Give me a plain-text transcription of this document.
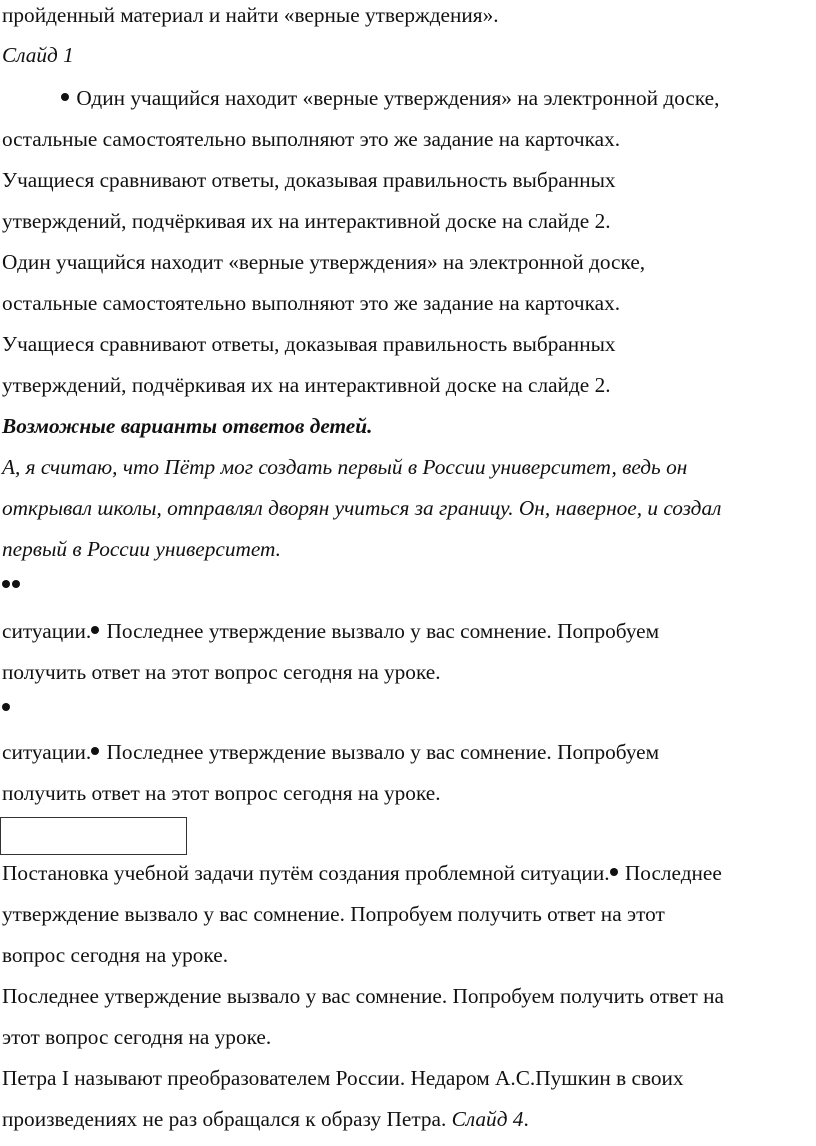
пройденный материал и найти «верные утверждения».
Слайд 1
Один учащийся находит «верные утверждения» на электронной доске,
остальные самостоятельно выполняют это же задание на карточках.
Учащиеся сравнивают ответы, доказывая правильность выбранных
утверждений, подчёркивая их на интерактивной доске на слайде 2.
Один учащийся находит «верные утверждения» на электронной доске,
остальные самостоятельно выполняют это же задание на карточках.
Учащиеся сравнивают ответы, доказывая правильность выбранных
утверждений, подчёркивая их на интерактивной доске на слайде 2.
Возможные варианты ответов детей.
А, я считаю, что Пётр мог создать первый в России университет, ведь он
открывал школы, отправлял дворян учиться за границу. Он, наверное, и создал
первый в России университет.
ситуации. Последнее утверждение вызвало у вас сомнение. Попробуем
получить ответ на этот вопрос сегодня на уроке.
ситуации. Последнее утверждение вызвало у вас сомнение. Попробуем
получить ответ на этот вопрос сегодня на уроке.
Постановка учебной задачи путём создания проблемной ситуации. Последнее
утверждение вызвало у вас сомнение. Попробуем получить ответ на этот
вопрос сегодня на уроке.
Последнее утверждение вызвало у вас сомнение. Попробуем получить ответ на
этот вопрос сегодня на уроке.
Петра I называют преобразователем России. Недаром А.С.Пушкин в своих
произведениях не раз обращался к образу Петра. Слайд 4.
